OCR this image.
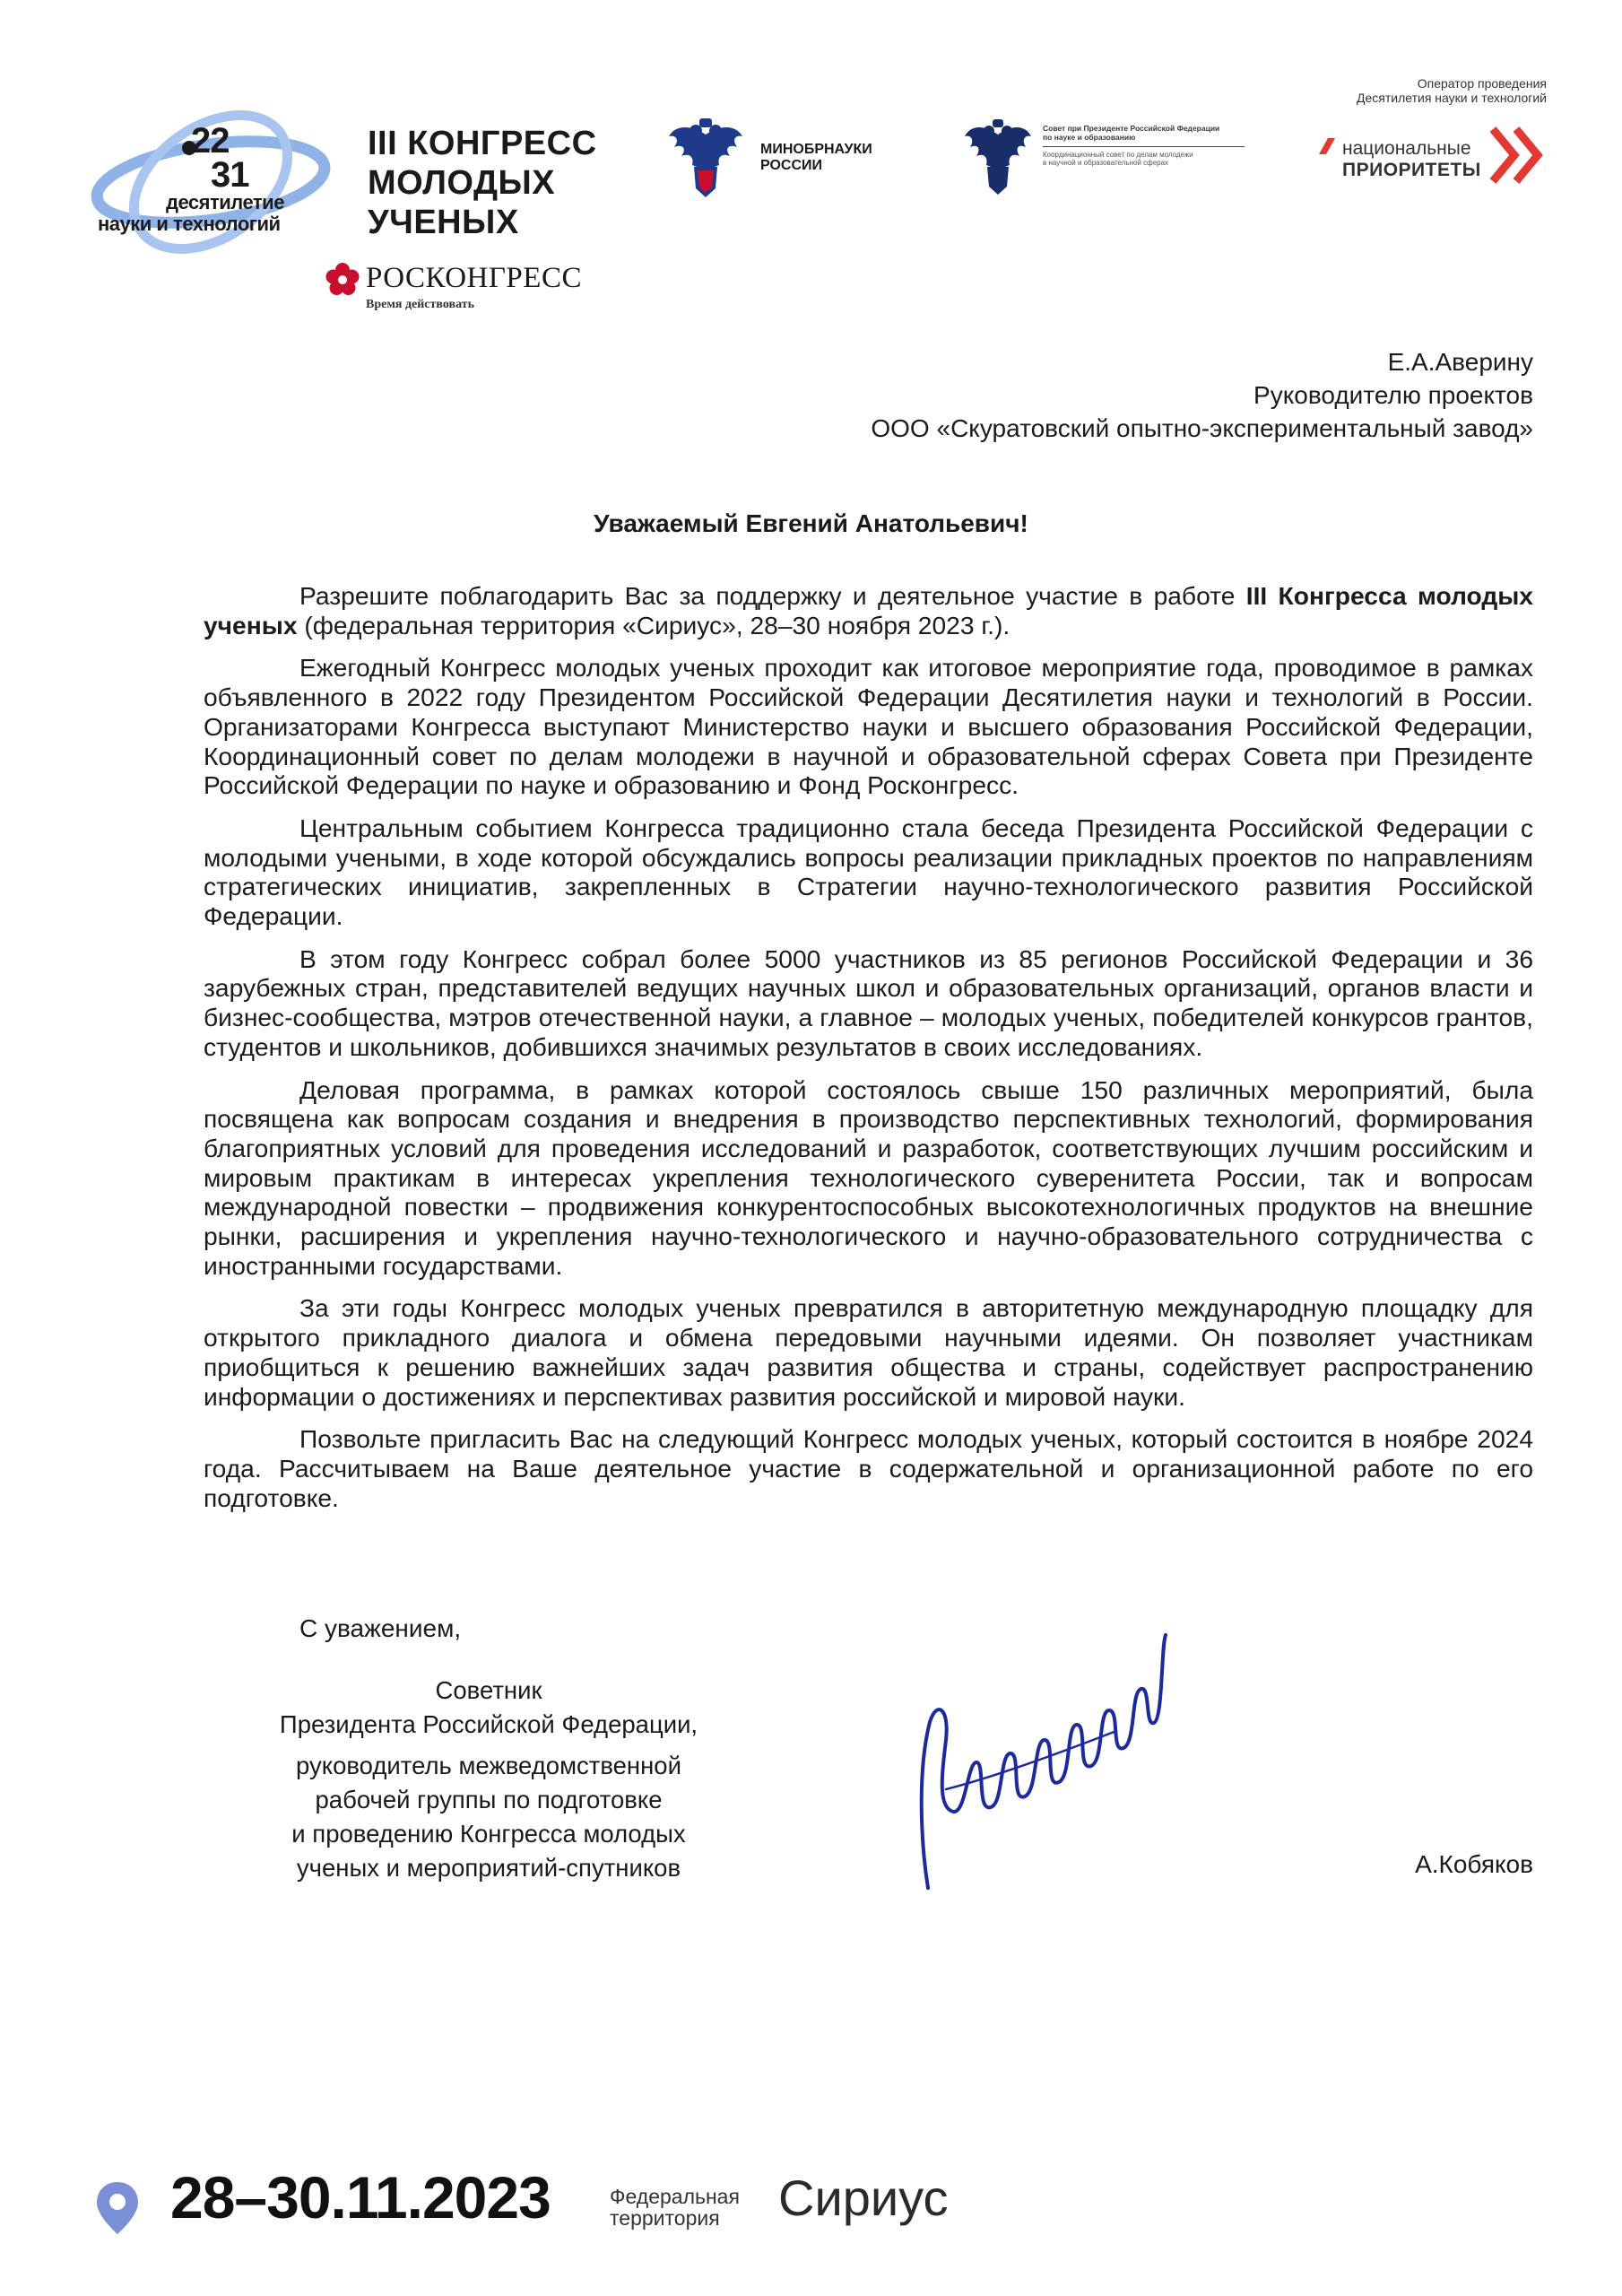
22
31
десятилетие
науки и технологий
III КОНГРЕСС
МОЛОДЫХ
УЧЕНЫХ
РОСКОНГРЕСС
Время действовать
МИНОБРНАУКИ
РОССИИ
Совет при Президенте Российской Федерации
по науке и образованию
Координационный совет по делам молодежи
в научной и образовательной сферах
Оператор проведения
Десятилетия науки и технологий
национальные
ПРИОРИТЕТЫ
Е.А.Аверину
Руководителю проектов
ООО «Скуратовский опытно-экспериментальный завод»
Уважаемый Евгений Анатольевич!

Разрешите поблагодарить Вас за поддержку и деятельное участие в работе III Конгресса молодых ученых (федеральная территория «Сириус», 28–30 ноября 2023 г.).

Ежегодный Конгресс молодых ученых проходит как итоговое мероприятие года, проводимое в рамках объявленного в 2022 году Президентом Российской Федерации Десятилетия науки и технологий в России. Организаторами Конгресса выступают Министерство науки и высшего образования Российской Федерации, Координационный совет по делам молодежи в научной и образовательной сферах Совета при Президенте Российской Федерации по науке и образованию и Фонд Росконгресс.

Центральным событием Конгресса традиционно стала беседа Президента Российской Федерации с молодыми учеными, в ходе которой обсуждались вопросы реализации прикладных проектов по направлениям стратегических инициатив, закрепленных в Стратегии научно-технологического развития Российской Федерации.

В этом году Конгресс собрал более 5000 участников из 85 регионов Российской Федерации и 36 зарубежных стран, представителей ведущих научных школ и образовательных организаций, органов власти и бизнес-сообщества, мэтров отечественной науки, а главное – молодых ученых, победителей конкурсов грантов, студентов и школьников, добившихся значимых результатов в своих исследованиях.

Деловая программа, в рамках которой состоялось свыше 150 различных мероприятий, была посвящена как вопросам создания и внедрения в производство перспективных технологий, формирования благоприятных условий для проведения исследований и разработок, соответствующих лучшим российским и мировым практикам в интересах укрепления технологического суверенитета России, так и вопросам международной повестки – продвижения конкурентоспособных высокотехнологичных продуктов на внешние рынки, расширения и укрепления научно-технологического и научно-образовательного сотрудничества с иностранными государствами.

За эти годы Конгресс молодых ученых превратился в авторитетную международную площадку для открытого прикладного диалога и обмена передовыми научными идеями. Он позволяет участникам приобщиться к решению важнейших задач развития общества и страны, содействует распространению информации о достижениях и перспективах развития российской и мировой науки.

Позвольте пригласить Вас на следующий Конгресс молодых ученых, который состоится в ноябре 2024 года. Рассчитываем на Ваше деятельное участие в содержательной и организационной работе по его подготовке.

С уважением,
Советник
Президента Российской Федерации,
руководитель межведомственной
рабочей группы по подготовке
и проведению Конгресса молодых
ученых и мероприятий-спутников	А.Кобяков
28–30.11.2023	Федеральная
территория	Сириус
